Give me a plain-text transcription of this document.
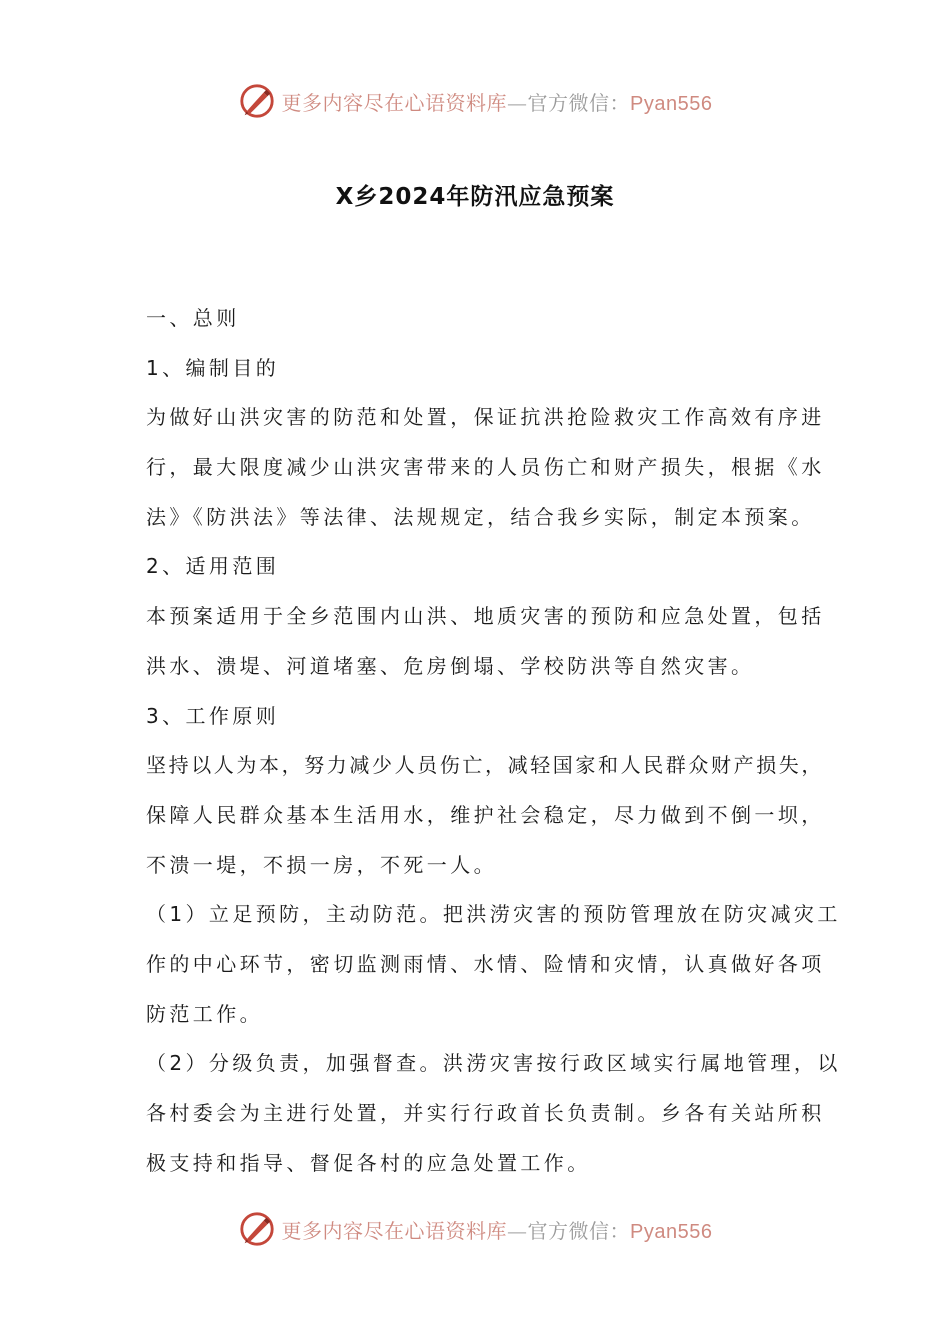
更多内容尽在心语资料库—官方微信：Pyan556
X乡2024年防汛应急预案
一、总则
1、编制目的
为做好山洪灾害的防范和处置，保证抗洪抢险救灾工作高效有序进
行，最大限度减少山洪灾害带来的人员伤亡和财产损失，根据《水
法》《防洪法》等法律、法规规定，结合我乡实际，制定本预案。
2、适用范围
本预案适用于全乡范围内山洪、地质灾害的预防和应急处置，包括
洪水、溃堤、河道堵塞、危房倒塌、学校防洪等自然灾害。
3、工作原则
坚持以人为本，努力减少人员伤亡，减轻国家和人民群众财产损失，
保障人民群众基本生活用水，维护社会稳定，尽力做到不倒一坝，
不溃一堤，不损一房，不死一人。
（1）立足预防，主动防范。把洪涝灾害的预防管理放在防灾减灾工
作的中心环节，密切监测雨情、水情、险情和灾情，认真做好各项
防范工作。
（2）分级负责，加强督查。洪涝灾害按行政区域实行属地管理，以
各村委会为主进行处置，并实行行政首长负责制。乡各有关站所积
极支持和指导、督促各村的应急处置工作。
更多内容尽在心语资料库—官方微信：Pyan556
